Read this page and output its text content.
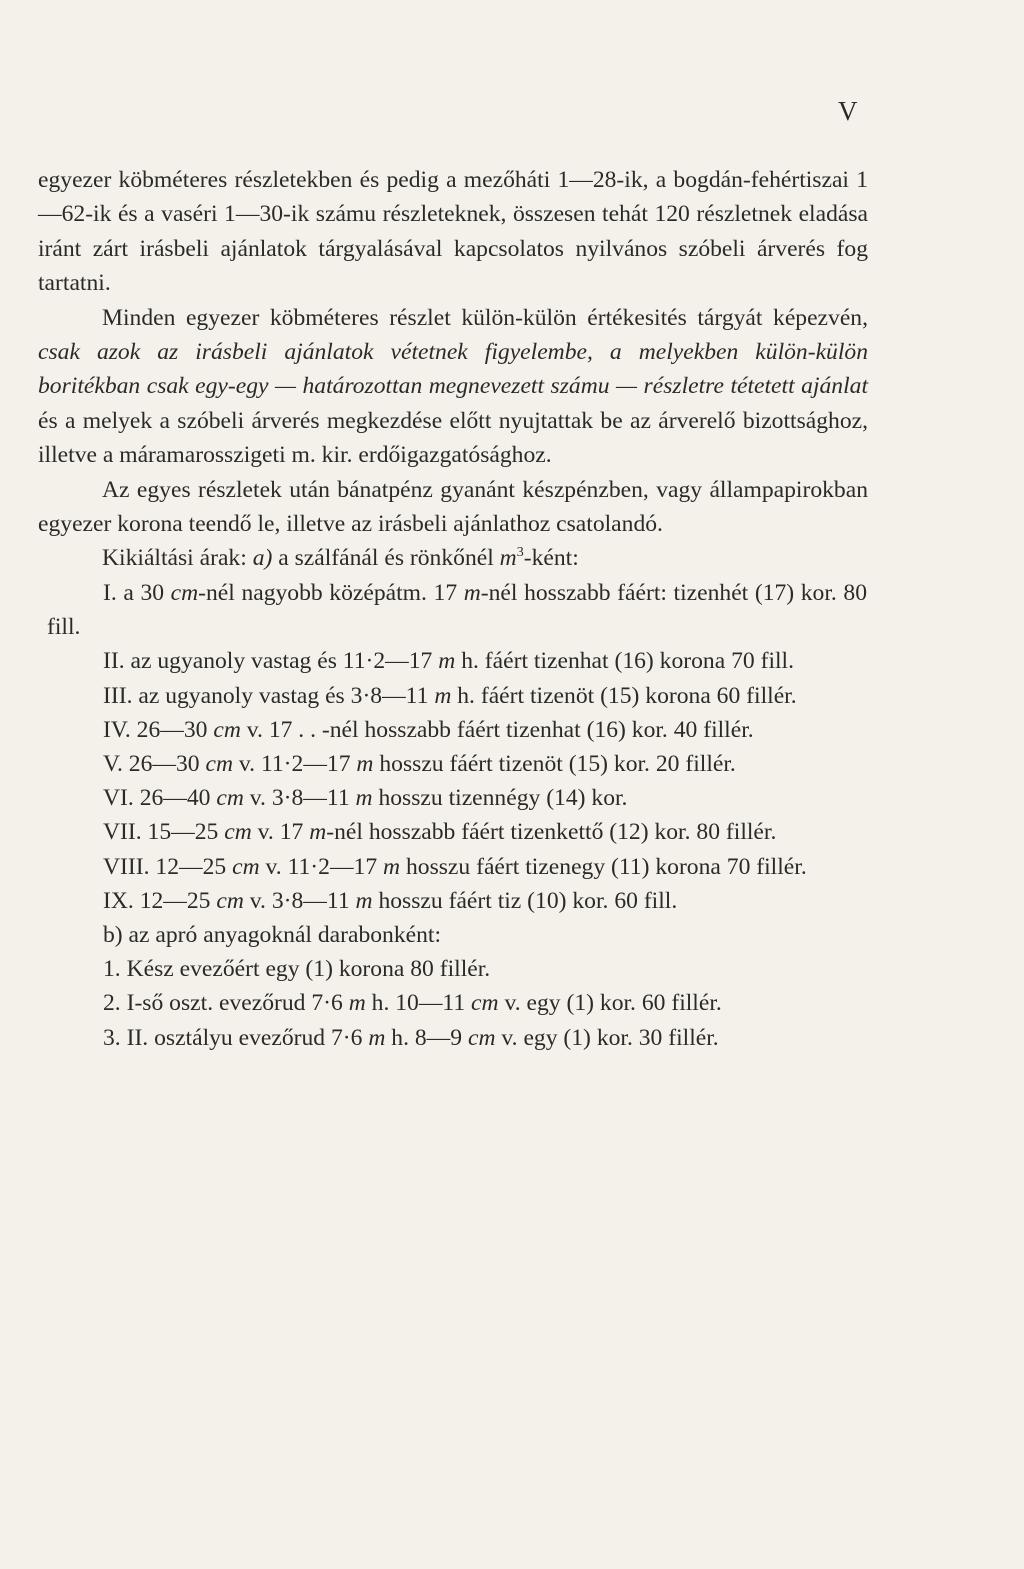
V

egyezer köbméteres részletekben és pedig a mezőháti 1—28-ik, a bogdán-fehértiszai 1—62-ik és a vaséri 1—30-ik számu részleteknek, összesen tehát 120 részletnek eladása iránt zárt irásbeli ajánlatok tárgyalásával kapcsolatos nyilvános szóbeli árverés fog tartatni.

Minden egyezer köbméteres részlet külön-külön értékesités tárgyát képezvén, csak azok az irásbeli ajánlatok vétetnek figyelembe, a melyekben külön-külön boritékban csak egy-egy — határozottan megnevezett számu — részletre tétetett ajánlat és a melyek a szóbeli árverés megkezdése előtt nyujtattak be az árverelő bizottsághoz, illetve a máramarosszigeti m. kir. erdőigazgatósághoz.

Az egyes részletek után bánatpénz gyanánt készpénzben, vagy állampapirokban egyezer korona teendő le, illetve az irásbeli ajánlathoz csatolandó.

Kikiáltási árak: a) a szálfánál és rönkőnél $m^3$-ként:

I. a 30 cm-nél nagyobb középátm. 17 m-nél hosszabb fáért: tizenhét (17) kor. 80 fill.

II. az ugyanoly vastag és 11·2—17 m h. fáért tizenhat (16) korona 70 fill.

III. az ugyanoly vastag és 3·8—11 m h. fáért tizenöt (15) korona 60 fillér.

IV. 26—30 cm v. 17 . . -nél hosszabb fáért tizenhat (16) kor. 40 fillér.

V. 26—30 cm v. 11·2—17 m hosszu fáért tizenöt (15) kor. 20 fillér.

VI. 26—40 cm v. 3·8—11 m hosszu tizennégy (14) kor.

VII. 15—25 cm v. 17 m-nél hosszabb fáért tizenkettő (12) kor. 80 fillér.

VIII. 12—25 cm v. 11·2—17 m hosszu fáért tizenegy (11) korona 70 fillér.

IX. 12—25 cm v. 3·8—11 m hosszu fáért tiz (10) kor. 60 fill.

b) az apró anyagoknál darabonként:

1. Kész evezőért egy (1) korona 80 fillér.

2. I-ső oszt. evezőrud 7·6 m h. 10—11 cm v. egy (1) kor. 60 fillér.

3. II. osztályu evezőrud 7·6 m h. 8—9 cm v. egy (1) kor. 30 fillér.
